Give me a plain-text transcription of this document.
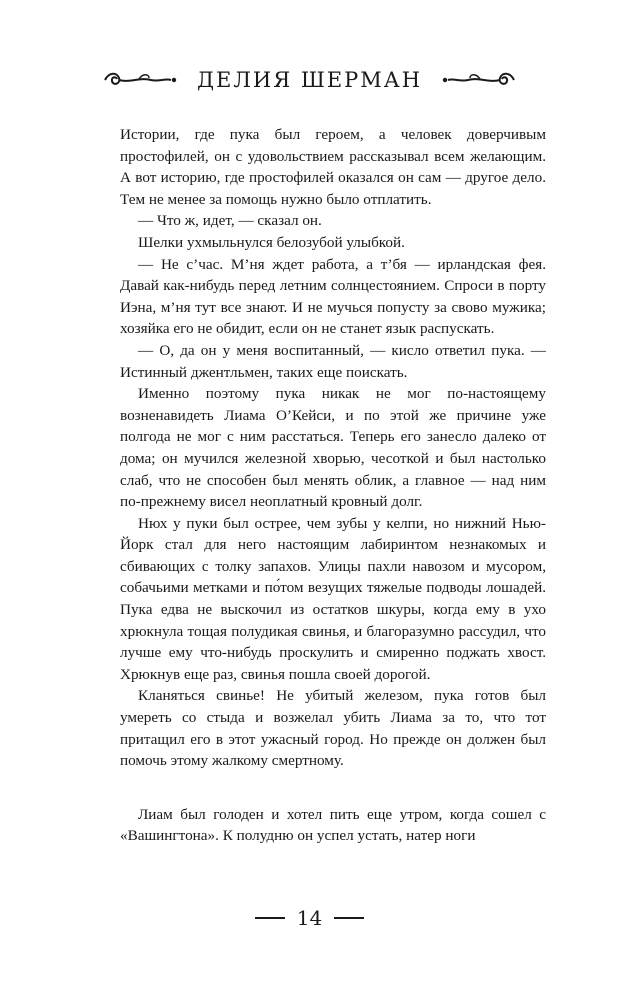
ДЕЛИЯ ШЕРМАН

Истории, где пука был героем, а человек доверчивым простофилей, он с удовольствием рассказывал всем желающим. А вот историю, где простофилей оказался он сам — другое дело. Тем не менее за помощь нужно было отплатить.

— Что ж, идет, — сказал он.

Шелки ухмыльнулся белозубой улыбкой.

— Не с’час. М’ня ждет работа, а т’бя — ирландская фея. Давай как-нибудь перед летним солнцестоянием. Спроси в порту Иэна, м’ня тут все знают. И не мучься попусту за свово мужика; хозяйка его не обидит, если он не станет язык распускать.

— О, да он у меня воспитанный, — кисло ответил пука. — Истинный джентльмен, таких еще поискать.

Именно поэтому пука никак не мог по-настоящему возненавидеть Лиама О’Кейси, и по этой же причине уже полгода не мог с ним расстаться. Теперь его занесло далеко от дома; он мучился железной хворью, чесоткой и был настолько слаб, что не способен был менять облик, а главное — над ним по-прежнему висел неоплатный кровный долг.

Нюх у пуки был острее, чем зубы у келпи, но нижний Нью-Йорк стал для него настоящим лабиринтом незнакомых и сбивающих с толку запахов. Улицы пахли навозом и мусором, собачьими метками и по́том везущих тяжелые подводы лошадей. Пука едва не выскочил из остатков шкуры, когда ему в ухо хрюкнула тощая полудикая свинья, и благоразумно рассудил, что лучше ему что-нибудь проскулить и смиренно поджать хвост. Хрюкнув еще раз, свинья пошла своей дорогой.

Кланяться свинье! Не убитый железом, пука готов был умереть со стыда и возжелал убить Лиама за то, что тот притащил его в этот ужасный город. Но прежде он должен был помочь этому жалкому смертному.

Лиам был голоден и хотел пить еще утром, когда сошел с «Вашингтона». К полудню он успел устать, натер ноги

14
